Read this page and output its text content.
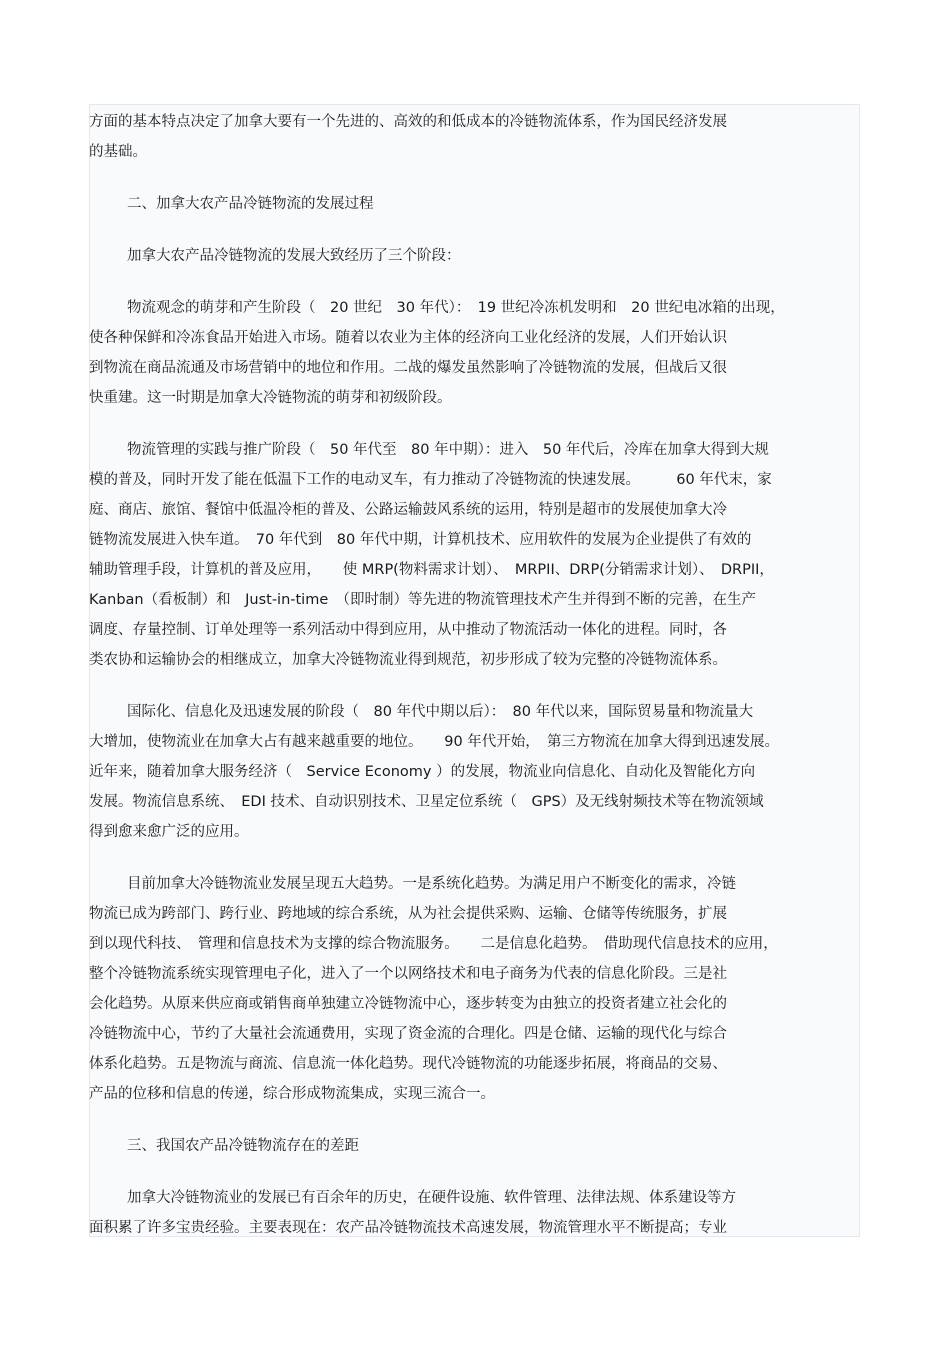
方面的基本特点决定了加拿大要有一个先进的、高效的和低成本的冷链物流体系，作为国民经济发展
的基础。
二、加拿大农产品冷链物流的发展过程
加拿大农产品冷链物流的发展大致经历了三个阶段：
物流观念的萌芽和产生阶段（　20 世纪　30 年代）：　19 世纪冷冻机发明和　20 世纪电冰箱的出现，
使各种保鲜和冷冻食品开始进入市场。随着以农业为主体的经济向工业化经济的发展，人们开始认识
到物流在商品流通及市场营销中的地位和作用。二战的爆发虽然影响了冷链物流的发展，但战后又很
快重建。这一时期是加拿大冷链物流的萌芽和初级阶段。
物流管理的实践与推广阶段（　50 年代至　80 年中期）：进入　50 年代后，冷库在加拿大得到大规
模的普及，同时开发了能在低温下工作的电动叉车，有力推动了冷链物流的快速发展。　　　60 年代末，家
庭、商店、旅馆、餐馆中低温冷柜的普及、公路运输鼓风系统的运用，特别是超市的发展使加拿大冷
链物流发展进入快车道。　70 年代到　80 年代中期，计算机技术、应用软件的发展为企业提供了有效的
辅助管理手段，计算机的普及应用，　　使 MRP(物料需求计划）、　MRPII、DRP(分销需求计划）、　DRPII，
Kanban（看板制）和　Just-in-time　（即时制）等先进的物流管理技术产生并得到不断的完善，在生产
调度、存量控制、订单处理等一系列活动中得到应用，从中推动了物流活动一体化的进程。同时，各
类农协和运输协会的相继成立，加拿大冷链物流业得到规范，初步形成了较为完整的冷链物流体系。
国际化、信息化及迅速发展的阶段（　80 年代中期以后）：　80 年代以来，国际贸易量和物流量大
大增加，使物流业在加拿大占有越来越重要的地位。　　90 年代开始，　第三方物流在加拿大得到迅速发展。
近年来，随着加拿大服务经济（　Service Economy ）的发展，物流业向信息化、自动化及智能化方向
发展。物流信息系统、　EDI 技术、自动识别技术、卫星定位系统（　GPS）及无线射频技术等在物流领域
得到愈来愈广泛的应用。
目前加拿大冷链物流业发展呈现五大趋势。一是系统化趋势。为满足用户不断变化的需求，冷链
物流已成为跨部门、跨行业、跨地域的综合系统，从为社会提供采购、运输、仓储等传统服务，扩展
到以现代科技、　管理和信息技术为支撑的综合物流服务。　　二是信息化趋势。　借助现代信息技术的应用，
整个冷链物流系统实现管理电子化，进入了一个以网络技术和电子商务为代表的信息化阶段。三是社
会化趋势。从原来供应商或销售商单独建立冷链物流中心，逐步转变为由独立的投资者建立社会化的
冷链物流中心，节约了大量社会流通费用，实现了资金流的合理化。四是仓储、运输的现代化与综合
体系化趋势。五是物流与商流、信息流一体化趋势。现代冷链物流的功能逐步拓展，将商品的交易、
产品的位移和信息的传递，综合形成物流集成，实现三流合一。
三、我国农产品冷链物流存在的差距
加拿大冷链物流业的发展已有百余年的历史，在硬件设施、软件管理、法律法规、体系建设等方
面积累了许多宝贵经验。主要表现在：农产品冷链物流技术高速发展，物流管理水平不断提高；专业
